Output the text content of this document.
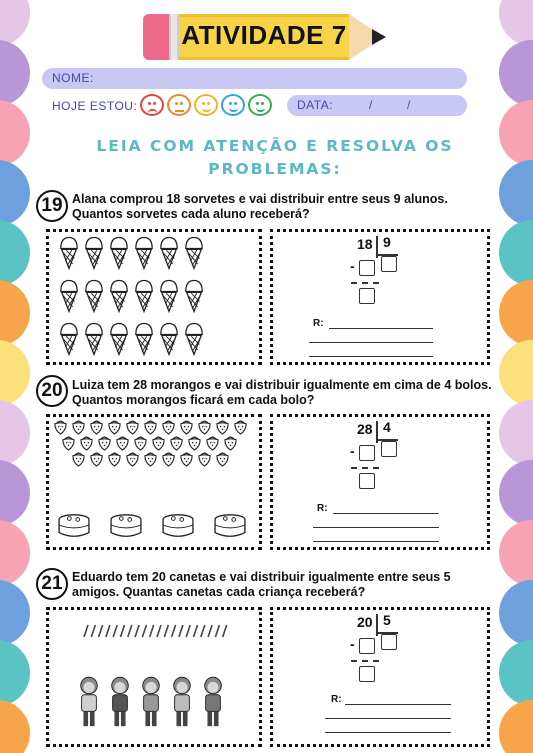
ATIVIDADE 7
NOME:
HOJE ESTOU:	DATA:	/	/
LEIA COM ATENÇÃO E RESOLVA OS PROBLEMAS:
19 Alana comprou 18 sorvetes e vai distribuir entre seus 9 alunos. Quantos sorvetes cada aluno receberá?
18 9
-
R:
20 Luiza tem 28 morangos e vai distribuir igualmente em cima de 4 bolos. Quantos morangos ficará em cada bolo?
28 4
-
R:
21 Eduardo tem 20 canetas e vai distribuir igualmente entre seus 5 amigos. Quantas canetas cada criança receberá?
20 5
-
R:
